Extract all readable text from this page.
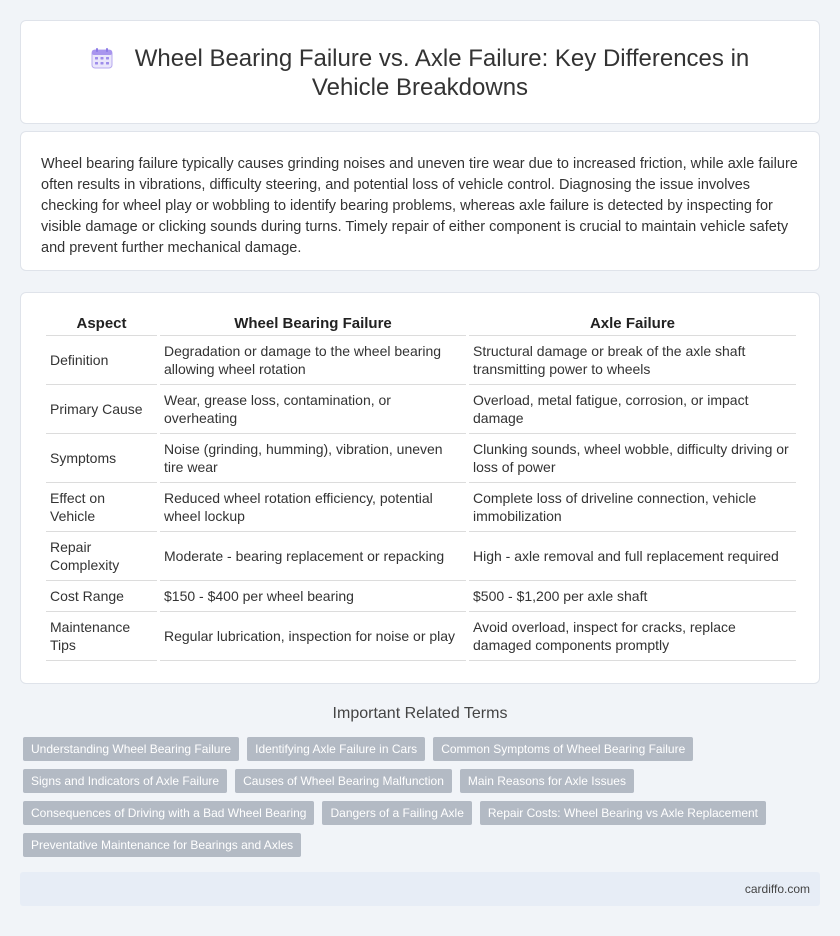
Wheel Bearing Failure vs. Axle Failure: Key Differences in Vehicle Breakdowns

Wheel bearing failure typically causes grinding noises and uneven tire wear due to increased friction, while axle failure often results in vibrations, difficulty steering, and potential loss of vehicle control. Diagnosing the issue involves checking for wheel play or wobbling to identify bearing problems, whereas axle failure is detected by inspecting for visible damage or clicking sounds during turns. Timely repair of either component is crucial to maintain vehicle safety and prevent further mechanical damage.

Aspect	Wheel Bearing Failure	Axle Failure
Definition	Degradation or damage to the wheel bearing allowing wheel rotation	Structural damage or break of the axle shaft transmitting power to wheels
Primary Cause	Wear, grease loss, contamination, or overheating	Overload, metal fatigue, corrosion, or impact damage
Symptoms	Noise (grinding, humming), vibration, uneven tire wear	Clunking sounds, wheel wobble, difficulty driving or loss of power
Effect on Vehicle	Reduced wheel rotation efficiency, potential wheel lockup	Complete loss of driveline connection, vehicle immobilization
Repair Complexity	Moderate - bearing replacement or repacking	High - axle removal and full replacement required
Cost Range	$150 - $400 per wheel bearing	$500 - $1,200 per axle shaft
Maintenance Tips	Regular lubrication, inspection for noise or play	Avoid overload, inspect for cracks, replace damaged components promptly
Important Related Terms
Understanding Wheel Bearing Failure	Identifying Axle Failure in Cars	Common Symptoms of Wheel Bearing Failure
Signs and Indicators of Axle Failure	Causes of Wheel Bearing Malfunction	Main Reasons for Axle Issues
Consequences of Driving with a Bad Wheel Bearing	Dangers of a Failing Axle	Repair Costs: Wheel Bearing vs Axle Replacement
Preventative Maintenance for Bearings and Axles
cardiffo.com
